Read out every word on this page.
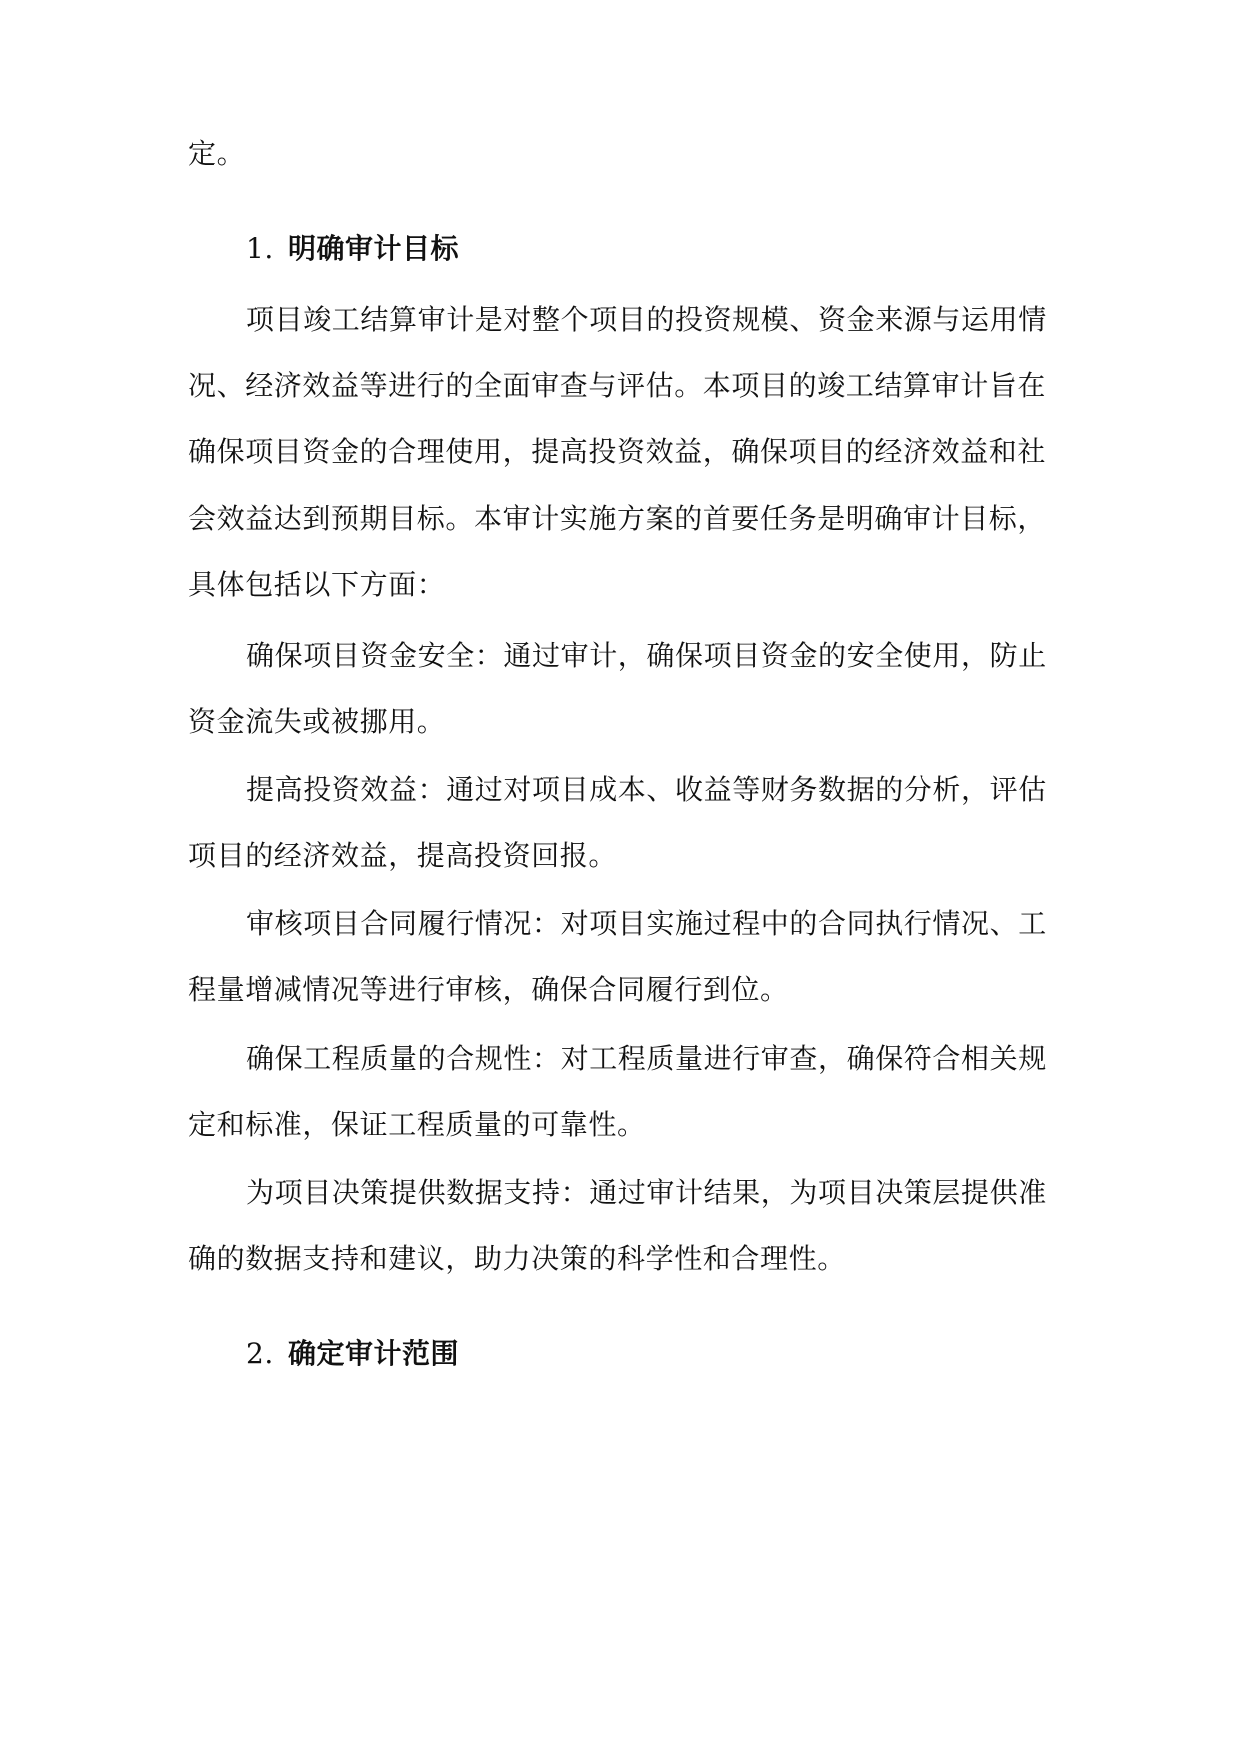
定。
1. 明确审计目标
项目竣工结算审计是对整个项目的投资规模、资金来源与运用情
况、经济效益等进行的全面审查与评估。本项目的竣工结算审计旨在
确保项目资金的合理使用，提高投资效益，确保项目的经济效益和社
会效益达到预期目标。本审计实施方案的首要任务是明确审计目标，
具体包括以下方面：
确保项目资金安全：通过审计，确保项目资金的安全使用，防止
资金流失或被挪用。
提高投资效益：通过对项目成本、收益等财务数据的分析，评估
项目的经济效益，提高投资回报。
审核项目合同履行情况：对项目实施过程中的合同执行情况、工
程量增减情况等进行审核，确保合同履行到位。
确保工程质量的合规性：对工程质量进行审查，确保符合相关规
定和标准，保证工程质量的可靠性。
为项目决策提供数据支持：通过审计结果，为项目决策层提供准
确的数据支持和建议，助力决策的科学性和合理性。
2. 确定审计范围
